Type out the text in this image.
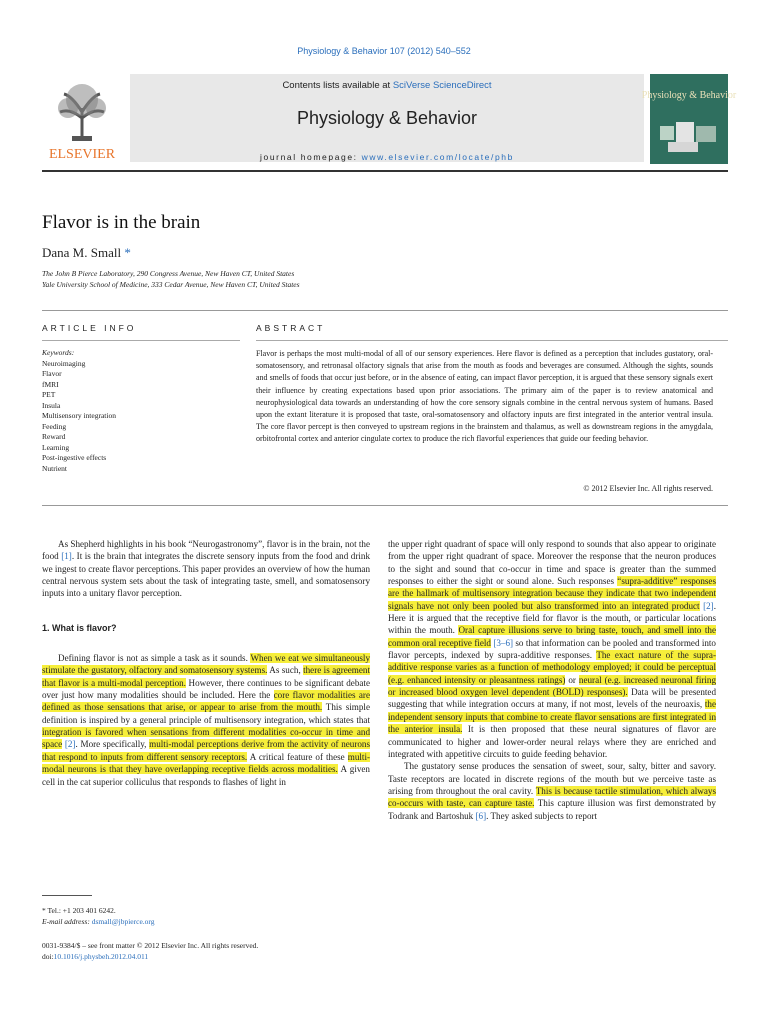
Physiology & Behavior 107 (2012) 540–552
ELSEVIER
Contents lists available at SciVerse ScienceDirect
Physiology & Behavior
journal homepage: www.elsevier.com/locate/phb
Physiology & Behavior
Flavor is in the brain
Dana M. Small *
The John B Pierce Laboratory, 290 Congress Avenue, New Haven CT, United States
Yale University School of Medicine, 333 Cedar Avenue, New Haven CT, United States
ARTICLE INFO
Keywords:
Neuroimaging
Flavor
fMRI
PET
Insula
Multisensory integration
Feeding
Reward
Learning
Post-ingestive effects
Nutrient
ABSTRACT
Flavor is perhaps the most multi-modal of all of our sensory experiences. Here flavor is defined as a perception that includes gustatory, oral-somatosensory, and retronasal olfactory signals that arise from the mouth as foods and beverages are consumed. Although the sights, sounds and smells of foods that occur just before, or in the absence of eating, can impact flavor perception, it is argued that these sensory signals exert their influence by creating expectations based upon prior associations. The primary aim of the paper is to review anatomical and neurophysiological data towards an understanding of how the core sensory signals combine in the central nervous system of humans. Based upon the extant literature it is proposed that taste, oral-somatosensory and olfactory inputs are first integrated in the anterior ventral insula. The core flavor percept is then conveyed to upstream regions in the brainstem and thalamus, as well as downstream regions in the amygdala, orbitofrontal cortex and anterior cingulate cortex to produce the rich flavorful experiences that guide our feeding behavior.
© 2012 Elsevier Inc. All rights reserved.

As Shepherd highlights in his book “Neurogastronomy”, flavor is in the brain, not the food [1]. It is the brain that integrates the discrete sensory inputs from the food and drink we ingest to create flavor perceptions. This paper provides an overview of how the human central nervous system sets about the task of integrating taste, smell, and somatosensory inputs into a unitary flavor perception.

1. What is flavor?

Defining flavor is not as simple a task as it sounds. When we eat we simultaneously stimulate the gustatory, olfactory and somatosensory systems. As such, there is agreement that flavor is a multi-modal perception. However, there continues to be significant debate over just how many modalities should be included. Here the core flavor modalities are defined as those sensations that arise, or appear to arise from the mouth. This simple definition is inspired by a general principle of multisensory integration, which states that integration is favored when sensations from different modalities co-occur in time and space [2]. More specifically, multi-modal perceptions derive from the activity of neurons that respond to inputs from different sensory receptors. A critical feature of these multi-modal neurons is that they have overlapping receptive fields across modalities. A given cell in the cat superior colliculus that responds to flashes of light in

the upper right quadrant of space will only respond to sounds that also appear to originate from the upper right quadrant of space. Moreover the response that the neuron produces to the sight and sound that co-occur in time and space is greater than the summed responses to either the sight or sound alone. Such responses “supra-additive” responses are the hallmark of multisensory integration because they indicate that two independent signals have not only been pooled but also transformed into an integrated product [2]. Here it is argued that the receptive field for flavor is the mouth, or particular locations within the mouth. Oral capture illusions serve to bring taste, touch, and smell into the common oral receptive field [3–6] so that information can be pooled and transformed into flavor percepts, indexed by supra-additive responses. The exact nature of the supra-additive response varies as a function of methodology employed; it could be perceptual (e.g. enhanced intensity or pleasantness ratings) or neural (e.g. increased neuronal firing or increased blood oxygen level dependent (BOLD) responses). Data will be presented suggesting that while integration occurs at many, if not most, levels of the neuroaxis, the independent sensory inputs that combine to create flavor sensations are first integrated in the anterior insula. It is then proposed that these neural signatures of flavor are communicated to higher and lower-order neural relays where they are enriched and integrated with appetitive circuits to guide feeding behavior.

The gustatory sense produces the sensation of sweet, sour, salty, bitter and savory. Taste receptors are located in discrete regions of the mouth but we perceive taste as arising from throughout the oral cavity. This is because tactile stimulation, which always co-occurs with taste, can capture taste. This capture illusion was first demonstrated by Todrank and Bartoshuk [6]. They asked subjects to report

* Tel.: +1 203 401 6242.
E-mail address: dsmall@jbpierce.org
0031-9384/$ – see front matter © 2012 Elsevier Inc. All rights reserved.
doi:10.1016/j.physbeh.2012.04.011
